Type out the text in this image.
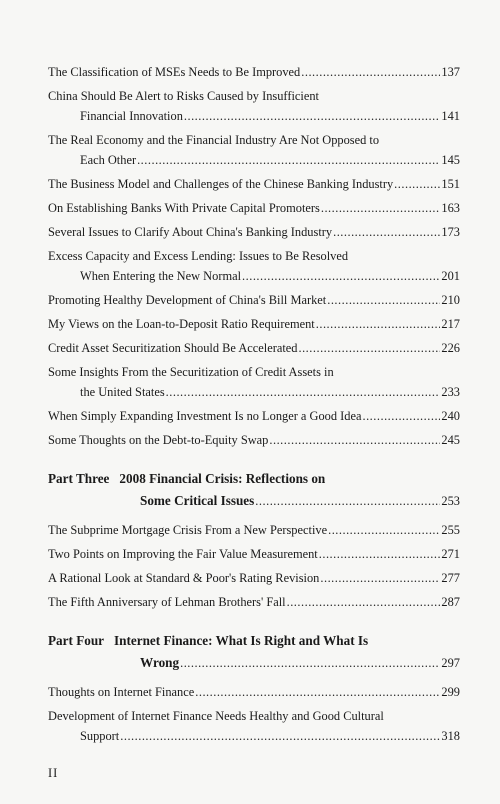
The Classification of MSEs Needs to Be Improved .....	137
China Should Be Alert to Risks Caused by Insufficient
Financial Innovation .....	141
The Real Economy and the Financial Industry Are Not Opposed to
Each Other .....	145
The Business Model and Challenges of the Chinese Banking Industry .....	151
On Establishing Banks With Private Capital Promoters .....	163
Several Issues to Clarify About China's Banking Industry .....	173
Excess Capacity and Excess Lending: Issues to Be Resolved
When Entering the New Normal .....	201
Promoting Healthy Development of China's Bill Market .....	210
My Views on the Loan-to-Deposit Ratio Requirement .....	217
Credit Asset Securitization Should Be Accelerated .....	226
Some Insights From the Securitization of Credit Assets in
the United States .....	233
When Simply Expanding Investment Is no Longer a Good Idea .....	240
Some Thoughts on the Debt-to-Equity Swap .....	245
Part Three 2008 Financial Crisis: Reflections on
Some Critical Issues .....	253
The Subprime Mortgage Crisis From a New Perspective .....	255
Two Points on Improving the Fair Value Measurement .....	271
A Rational Look at Standard & Poor's Rating Revision .....	277
The Fifth Anniversary of Lehman Brothers' Fall .....	287
Part Four Internet Finance: What Is Right and What Is
Wrong .....	297
Thoughts on Internet Finance .....	299
Development of Internet Finance Needs Healthy and Good Cultural
Support .....	318
II
